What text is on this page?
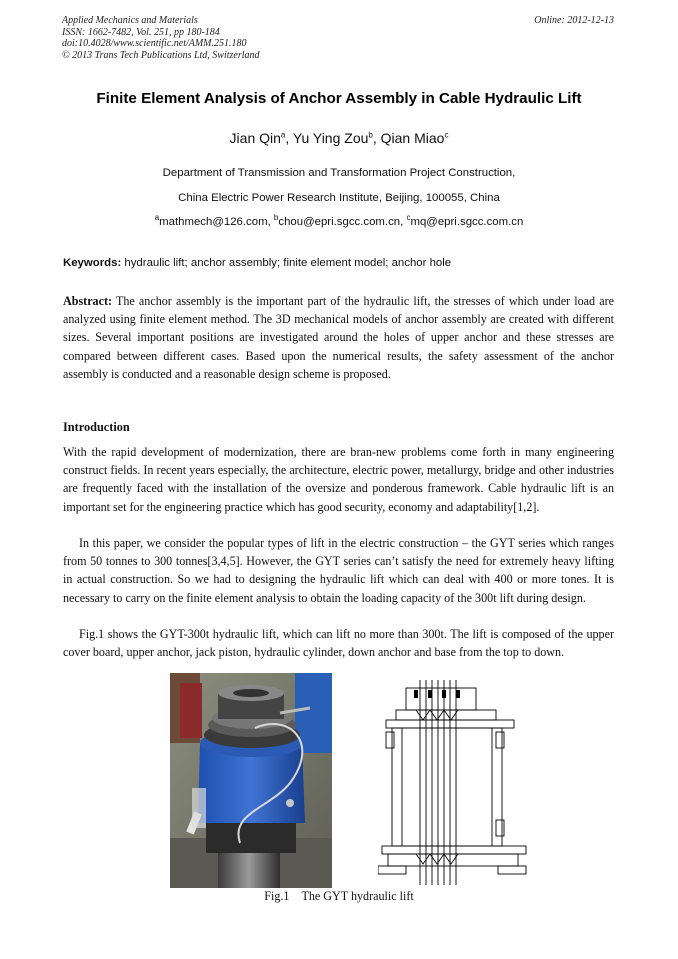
Applied Mechanics and Materials
ISSN: 1662-7482, Vol. 251, pp 180-184
doi:10.4028/www.scientific.net/AMM.251.180
© 2013 Trans Tech Publications Ltd, Switzerland
Online: 2012-12-13
Finite Element Analysis of Anchor Assembly in Cable Hydraulic Lift
Jian Qin$^a$, Yu Ying Zou$^b$, Qian Miao$^c$
Department of Transmission and Transformation Project Construction,
China Electric Power Research Institute, Beijing, 100055, China
$^a$mathmech@126.com, $^b$chou@epri.sgcc.com.cn, $^c$mq@epri.sgcc.com.cn
Keywords: hydraulic lift; anchor assembly; finite element model; anchor hole

Abstract: The anchor assembly is the important part of the hydraulic lift, the stresses of which under load are analyzed using finite element method. The 3D mechanical models of anchor assembly are created with different sizes. Several important positions are investigated around the holes of upper anchor and these stresses are compared between different cases. Based upon the numerical results, the safety assessment of the anchor assembly is conducted and a reasonable design scheme is proposed.

Introduction

With the rapid development of modernization, there are bran-new problems come forth in many engineering construct fields. In recent years especially, the architecture, electric power, metallurgy, bridge and other industries are frequently faced with the installation of the oversize and ponderous framework. Cable hydraulic lift is an important set for the engineering practice which has good security, economy and adaptability[1,2].

In this paper, we consider the popular types of lift in the electric construction – the GYT series which ranges from 50 tonnes to 300 tonnes[3,4,5]. However, the GYT series can’t satisfy the need for extremely heavy lifting in actual construction. So we had to designing the hydraulic lift which can deal with 400 or more tones. It is necessary to carry on the finite element analysis to obtain the loading capacity of the 300t lift during design.

Fig.1 shows the GYT-300t hydraulic lift, which can lift no more than 300t. The lift is composed of the upper cover board, upper anchor, jack piston, hydraulic cylinder, down anchor and base from the top to down.

Fig.1 The GYT hydraulic lift
